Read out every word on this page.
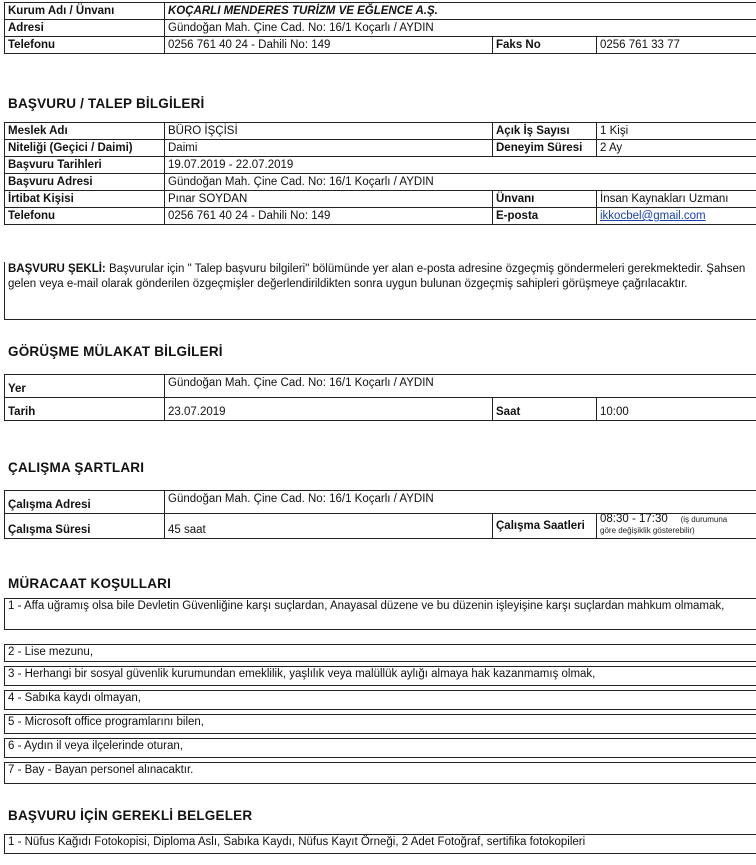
Kurum Adı / Ünvanı	KOÇARLI MENDERES TURİZM VE EĞLENCE A.Ş.		
Adresi	Gündoğan Mah. Çine Cad. No: 16/1 Koçarlı / AYDIN		
Telefonu	0256 761 40 24 - Dahili No: 149	Faks No	0256 761 33 77
BAŞVURU / TALEP BİLGİLERİ
Meslek Adı	BÜRO İŞÇİSİ	Açık İş Sayısı	1 Kişi
Niteliği (Geçici / Daimi)	Daimi	Deneyim Süresi	2 Ay
Başvuru Tarihleri	19.07.2019 - 22.07.2019		
Başvuru Adresi	Gündoğan Mah. Çine Cad. No: 16/1 Koçarlı / AYDIN		
İrtibat Kişisi	Pınar SOYDAN	Ünvanı	İnsan Kaynakları Uzmanı
Telefonu	0256 761 40 24 - Dahili No: 149	E-posta	ikkocbel@gmail.com
BAŞVURU ŞEKLİ: Başvurular için " Talep başvuru bilgileri" bölümünde yer alan e-posta adresine özgeçmiş göndermeleri gerekmektedir. Şahsen gelen veya e-mail olarak gönderilen özgeçmişler değerlendirildikten sonra uygun bulunan özgeçmiş sahipleri görüşmeye çağrılacaktır.
GÖRÜŞME MÜLAKAT BİLGİLERİ
Yer	Gündoğan Mah. Çine Cad. No: 16/1 Koçarlı / AYDIN		
Tarih	23.07.2019	Saat	10:00
ÇALIŞMA ŞARTLARI
Çalışma Adresi	Gündoğan Mah. Çine Cad. No: 16/1 Koçarlı / AYDIN		
Çalışma Süresi	45 saat	Çalışma Saatleri	08:30 - 17:30 (iş durumuna
göre değişiklik gösterebilir)
MÜRACAAT KOŞULLARI
1 - Affa uğramış olsa bile Devletin Güvenliğine karşı suçlardan, Anayasal düzene ve bu düzenin işleyişine karşı suçlardan mahkum olmamak,
2 - Lise mezunu,
3 - Herhangi bir sosyal güvenlik kurumundan emeklilik, yaşlılık veya malüllük aylığı almaya hak kazanmamış olmak,
4 - Sabıka kaydı olmayan,
5 - Microsoft office programlarını bilen,
6 - Aydın il veya ilçelerinde oturan,
7 - Bay - Bayan personel alınacaktır.
BAŞVURU İÇİN GEREKLİ BELGELER
1 - Nüfus Kağıdı Fotokopisi, Diploma Aslı, Sabıka Kaydı, Nüfus Kayıt Örneği, 2 Adet Fotoğraf, sertifika fotokopileri
